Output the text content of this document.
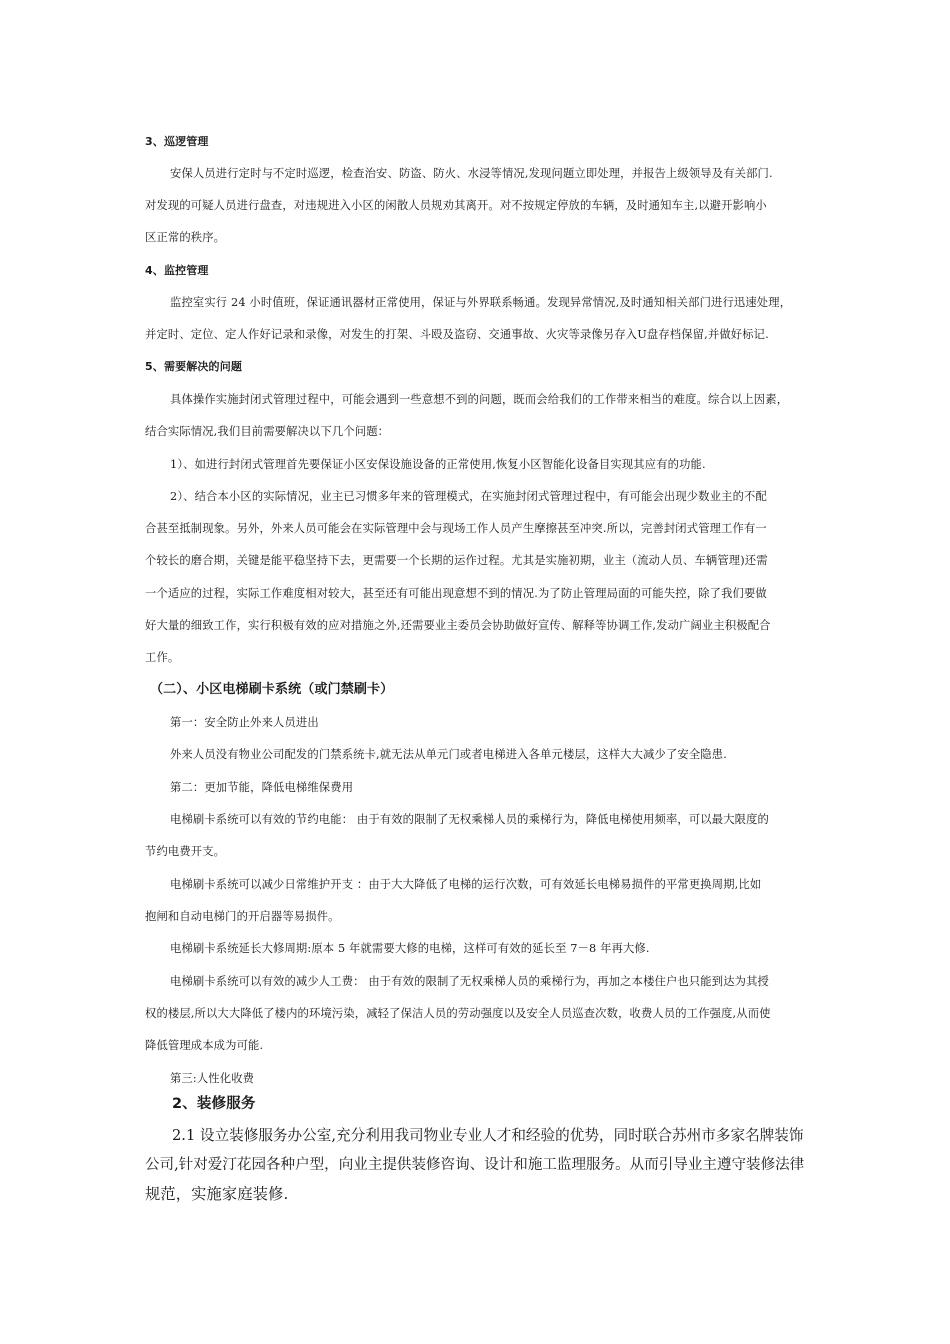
3、巡逻管理
安保人员进行定时与不定时巡逻，检查治安、防盗、防火、水浸等情况,发现问题立即处理，并报告上级领导及有关部门.
对发现的可疑人员进行盘查，对违规进入小区的闲散人员规劝其离开。对不按规定停放的车辆，及时通知车主,以避开影响小
区正常的秩序。
4、监控管理
监控室实行 24 小时值班，保证通讯器材正常使用，保证与外界联系畅通。发现异常情况,及时通知相关部门进行迅速处理，
并定时、定位、定人作好记录和录像，对发生的打架、斗殴及盗窃、交通事故、火灾等录像另存入U盘存档保留,并做好标记.
5、需要解决的问题
具体操作实施封闭式管理过程中，可能会遇到一些意想不到的问题，既而会给我们的工作带来相当的难度。综合以上因素，
结合实际情况,我们目前需要解决以下几个问题：
1）、如进行封闭式管理首先要保证小区安保设施设备的正常使用,恢复小区智能化设备目实现其应有的功能.
2）、结合本小区的实际情况，业主已习惯多年来的管理模式，在实施封闭式管理过程中，有可能会出现少数业主的不配
合甚至抵制现象。另外，外来人员可能会在实际管理中会与现场工作人员产生摩擦甚至冲突.所以，完善封闭式管理工作有一
个较长的磨合期，关键是能平稳坚持下去，更需要一个长期的运作过程。尤其是实施初期，业主（流动人员、车辆管理)还需
一个适应的过程，实际工作难度相对较大，甚至还有可能出现意想不到的情况.为了防止管理局面的可能失控，除了我们要做
好大量的细致工作，实行积极有效的应对措施之外,还需要业主委员会协助做好宣传、解释等协调工作,发动广阔业主积极配合
工作。
（二）、小区电梯刷卡系统（或门禁刷卡）
第一：安全防止外来人员进出
外来人员没有物业公司配发的门禁系统卡,就无法从单元门或者电梯进入各单元楼层，这样大大减少了安全隐患.
第二：更加节能，降低电梯维保费用
电梯刷卡系统可以有效的节约电能： 由于有效的限制了无权乘梯人员的乘梯行为，降低电梯使用频率，可以最大限度的
节约电费开支。
电梯刷卡系统可以减少日常维护开支 ：由于大大降低了电梯的运行次数，可有效延长电梯易损件的平常更换周期,比如
抱闸和自动电梯门的开启器等易损件。
电梯刷卡系统延长大修周期:原本 5 年就需要大修的电梯，这样可有效的延长至 7－8 年再大修.
电梯刷卡系统可以有效的减少人工费： 由于有效的限制了无权乘梯人员的乘梯行为，再加之本楼住户也只能到达为其授
权的楼层,所以大大降低了楼内的环境污染，减轻了保洁人员的劳动强度以及安全人员巡查次数，收费人员的工作强度,从而使
降低管理成本成为可能.
第三:人性化收费
2、装修服务
2.1 设立装修服务办公室,充分利用我司物业专业人才和经验的优势，同时联合苏州市多家名牌装饰
公司,针对爱汀花园各种户型，向业主提供装修咨询、设计和施工监理服务。从而引导业主遵守装修法律
规范，实施家庭装修.
